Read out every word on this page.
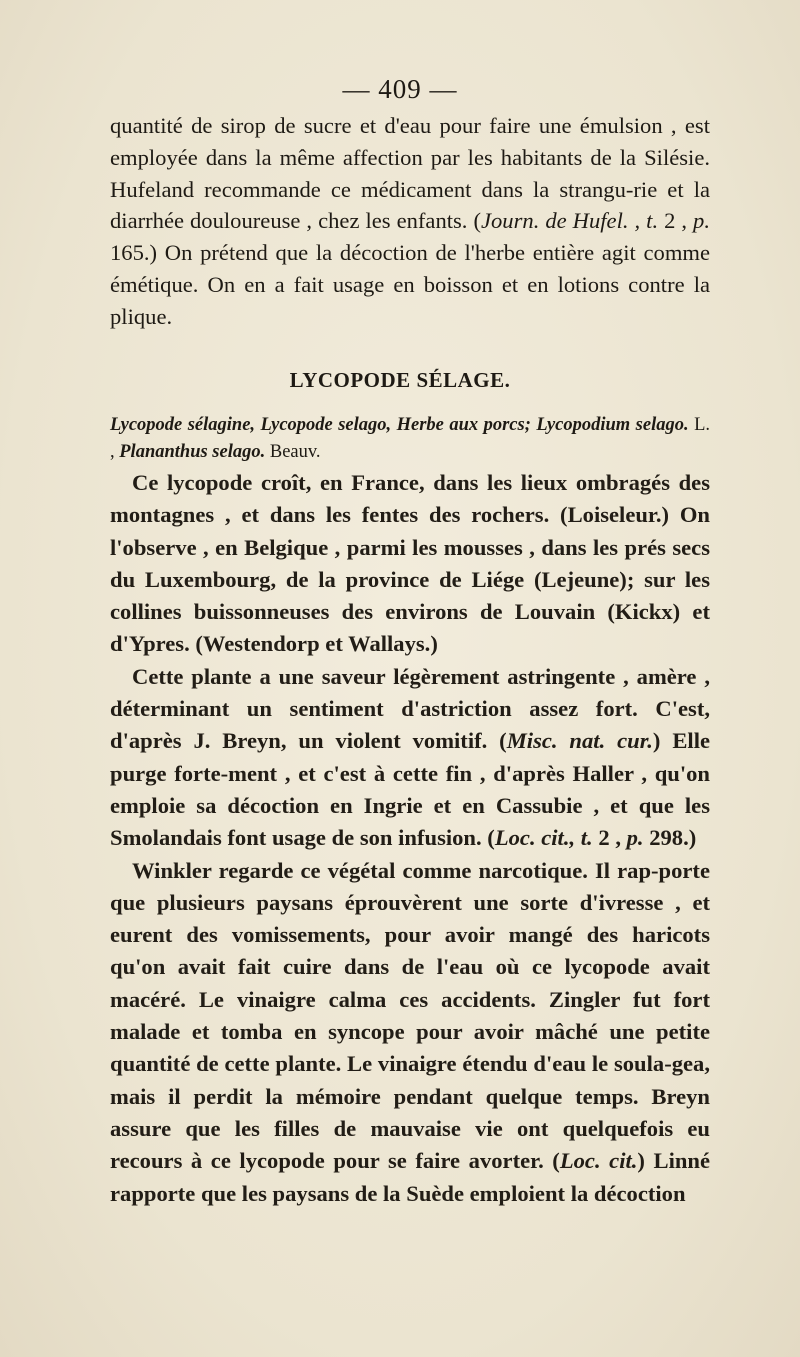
— 409 —

quantité de sirop de sucre et d'eau pour faire une émulsion , est employée dans la même affection par les habitants de la Silésie. Hufeland recommande ce médicament dans la strangu-rie et la diarrhée douloureuse , chez les enfants. (Journ. de Hufel. , t. 2 , p. 165.) On prétend que la décoction de l'herbe entière agit comme émétique. On en a fait usage en boisson et en lotions contre la plique.

LYCOPODE SÉLAGE.
Lycopode sélagine, Lycopode selago, Herbe aux porcs; Lycopodium selago. L. , Plananthus selago. Beauv.

Ce lycopode croît, en France, dans les lieux ombragés des montagnes , et dans les fentes des rochers. (Loiseleur.) On l'observe , en Belgique , parmi les mousses , dans les prés secs du Luxembourg, de la province de Liége (Lejeune); sur les collines buissonneuses des environs de Louvain (Kickx) et d'Ypres. (Westendorp et Wallays.)

Cette plante a une saveur légèrement astringente , amère , déterminant un sentiment d'astriction assez fort. C'est, d'après J. Breyn, un violent vomitif. (Misc. nat. cur.) Elle purge forte-ment , et c'est à cette fin , d'après Haller , qu'on emploie sa décoction en Ingrie et en Cassubie , et que les Smolandais font usage de son infusion. (Loc. cit., t. 2 , p. 298.)

Winkler regarde ce végétal comme narcotique. Il rap-porte que plusieurs paysans éprouvèrent une sorte d'ivresse , et eurent des vomissements, pour avoir mangé des haricots qu'on avait fait cuire dans de l'eau où ce lycopode avait macéré. Le vinaigre calma ces accidents. Zingler fut fort malade et tomba en syncope pour avoir mâché une petite quantité de cette plante. Le vinaigre étendu d'eau le soula-gea, mais il perdit la mémoire pendant quelque temps. Breyn assure que les filles de mauvaise vie ont quelquefois eu recours à ce lycopode pour se faire avorter. (Loc. cit.) Linné rapporte que les paysans de la Suède emploient la décoction
